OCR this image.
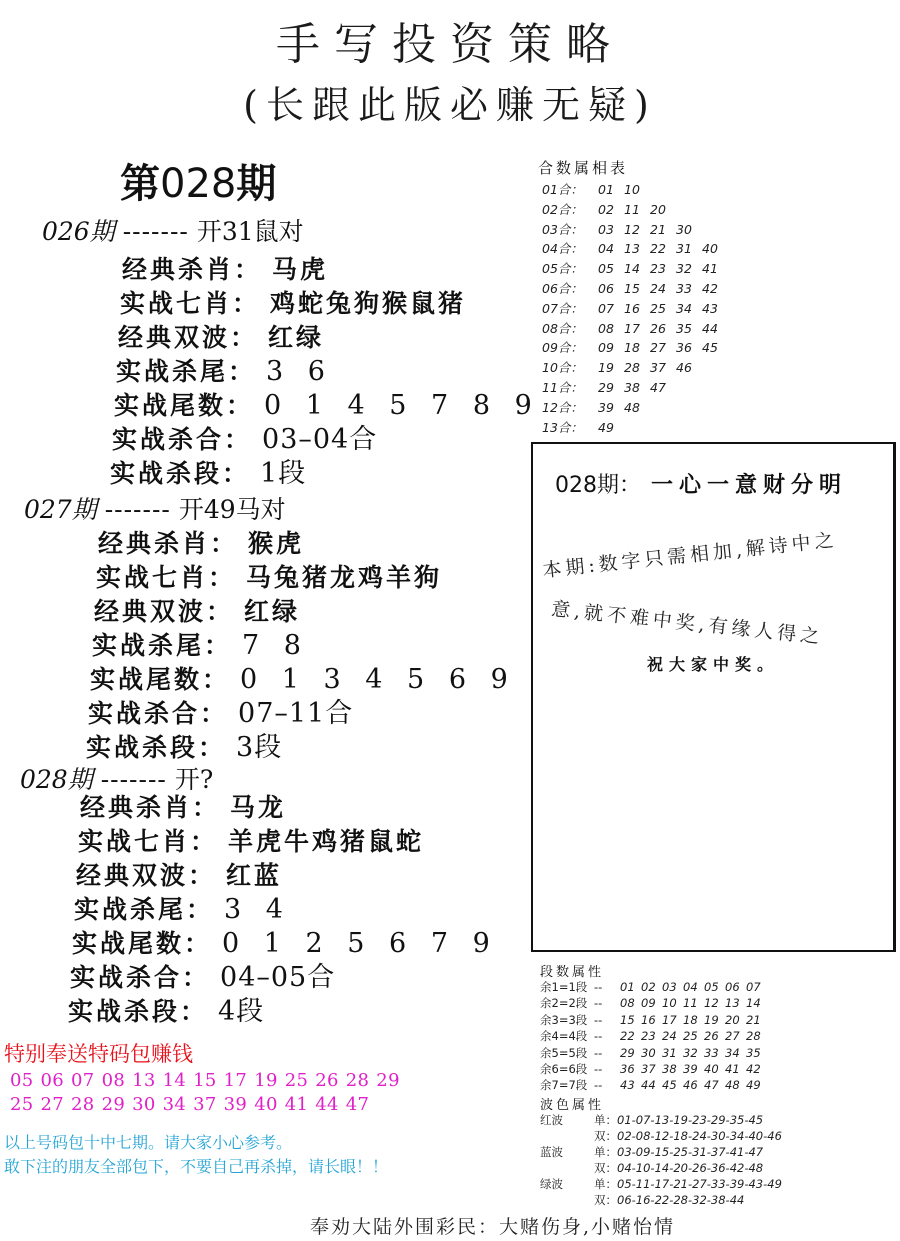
手写投资策略
(长跟此版必赚无疑)
第028期
026期 ------- 开31鼠对
经典杀肖： 马虎
实战七肖： 鸡蛇兔狗猴鼠猪
经典双波： 红绿
实战杀尾： 3 6
实战尾数： 0 1 4 5 7 8 9
实战杀合： 03–04合
实战杀段： 1段
027期 ------- 开49马对
经典杀肖： 猴虎
实战七肖： 马兔猪龙鸡羊狗
经典双波： 红绿
实战杀尾： 7 8
实战尾数： 0 1 3 4 5 6 9
实战杀合： 07–11合
实战杀段： 3段
028期 ------- 开?
经典杀肖： 马龙
实战七肖： 羊虎牛鸡猪鼠蛇
经典双波： 红蓝
实战杀尾： 3 4
实战尾数： 0 1 2 5 6 7 9
实战杀合： 04–05合
实战杀段： 4段
合数属相表
01合： 01 10
02合： 02 11 20
03合： 03 12 21 30
04合： 04 13 22 31 40
05合： 05 14 23 32 41
06合： 06 15 24 33 42
07合： 07 16 25 34 43
08合： 08 17 26 35 44
09合： 09 18 27 36 45
10合： 19 28 37 46
11合： 29 38 47
12合： 39 48
13合： 49
028期： 一心一意财分明
本期:数字只需相加,解诗中之
意,就不难中奖,有缘人得之
祝大家中奖。
段数属性
余1=1段 -- 01 02 03 04 05 06 07
余2=2段 -- 08 09 10 11 12 13 14
余3=3段 -- 15 16 17 18 19 20 21
余4=4段 -- 22 23 24 25 26 27 28
余5=5段 -- 29 30 31 32 33 34 35
余6=6段 -- 36 37 38 39 40 41 42
余7=7段 -- 43 44 45 46 47 48 49
波色属性
红波	单：01-07-13-19-23-29-35-45
双：02-08-12-18-24-30-34-40-46
蓝波	单：03-09-15-25-31-37-41-47
双：04-10-14-20-26-36-42-48
绿波	单：05-11-17-21-27-33-39-43-49
双：06-16-22-28-32-38-44
特别奉送特码包赚钱
05 06 07 08 13 14 15 17 19 25 26 28 29
25 27 28 29 30 34 37 39 40 41 44 47
以上号码包十中七期。请大家小心参考。
敢下注的朋友全部包下，不要自己再杀掉，请长眼！！
奉劝大陆外围彩民：大赌伤身,小赌怡情
